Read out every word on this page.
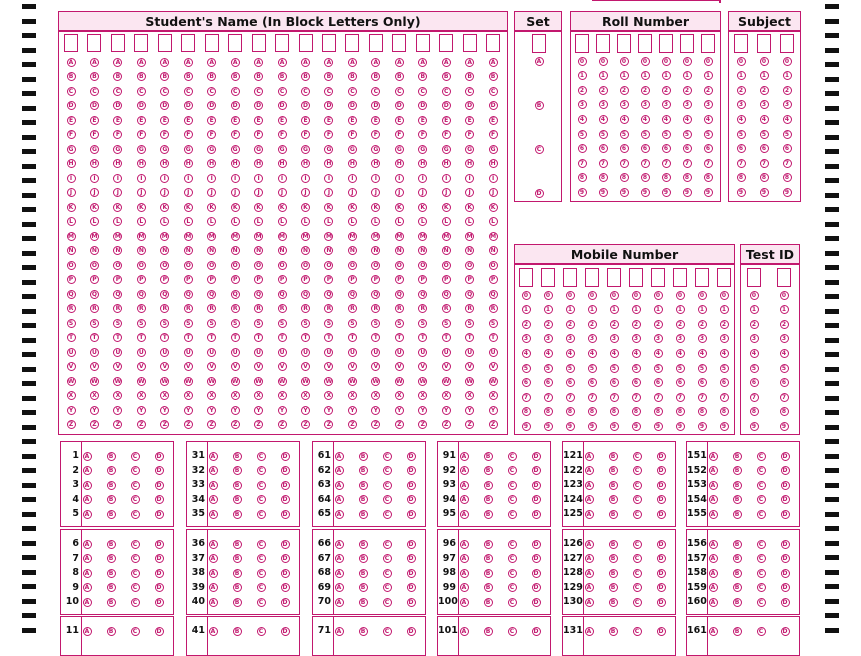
Student's Name (In Block Letters Only)
A	A	A	A	A	A	A	A	A	A	A	A	A	A	A	A	A	A	A
B	B	B	B	B	B	B	B	B	B	B	B	B	B	B	B	B	B	B
C	C	C	C	C	C	C	C	C	C	C	C	C	C	C	C	C	C	C
D	D	D	D	D	D	D	D	D	D	D	D	D	D	D	D	D	D	D
E	E	E	E	E	E	E	E	E	E	E	E	E	E	E	E	E	E	E
F	F	F	F	F	F	F	F	F	F	F	F	F	F	F	F	F	F	F
G	G	G	G	G	G	G	G	G	G	G	G	G	G	G	G	G	G	G
H	H	H	H	H	H	H	H	H	H	H	H	H	H	H	H	H	H	H
I	I	I	I	I	I	I	I	I	I	I	I	I	I	I	I	I	I	I
J	J	J	J	J	J	J	J	J	J	J	J	J	J	J	J	J	J	J
K	K	K	K	K	K	K	K	K	K	K	K	K	K	K	K	K	K	K
L	L	L	L	L	L	L	L	L	L	L	L	L	L	L	L	L	L	L
M	M	M	M	M	M	M	M	M	M	M	M	M	M	M	M	M	M	M
N	N	N	N	N	N	N	N	N	N	N	N	N	N	N	N	N	N	N
O	O	O	O	O	O	O	O	O	O	O	O	O	O	O	O	O	O	O
P	P	P	P	P	P	P	P	P	P	P	P	P	P	P	P	P	P	P
Q	Q	Q	Q	Q	Q	Q	Q	Q	Q	Q	Q	Q	Q	Q	Q	Q	Q	Q
R	R	R	R	R	R	R	R	R	R	R	R	R	R	R	R	R	R	R
S	S	S	S	S	S	S	S	S	S	S	S	S	S	S	S	S	S	S
T	T	T	T	T	T	T	T	T	T	T	T	T	T	T	T	T	T	T
U	U	U	U	U	U	U	U	U	U	U	U	U	U	U	U	U	U	U
V	V	V	V	V	V	V	V	V	V	V	V	V	V	V	V	V	V	V
W	W	W	W	W	W	W	W	W	W	W	W	W	W	W	W	W	W	W
X	X	X	X	X	X	X	X	X	X	X	X	X	X	X	X	X	X	X
Y	Y	Y	Y	Y	Y	Y	Y	Y	Y	Y	Y	Y	Y	Y	Y	Y	Y	Y
Z	Z	Z	Z	Z	Z	Z	Z	Z	Z	Z	Z	Z	Z	Z	Z	Z	Z	Z
Set
A
B
C
D
Roll Number
0	0	0	0	0	0	0
1	1	1	1	1	1	1
2	2	2	2	2	2	2
3	3	3	3	3	3	3
4	4	4	4	4	4	4
5	5	5	5	5	5	5
6	6	6	6	6	6	6
7	7	7	7	7	7	7
8	8	8	8	8	8	8
9	9	9	9	9	9	9
Subject
0	0	0
1	1	1
2	2	2
3	3	3
4	4	4
5	5	5
6	6	6
7	7	7
8	8	8
9	9	9
Mobile Number
0	0	0	0	0	0	0	0	0	0
1	1	1	1	1	1	1	1	1	1
2	2	2	2	2	2	2	2	2	2
3	3	3	3	3	3	3	3	3	3
4	4	4	4	4	4	4	4	4	4
5	5	5	5	5	5	5	5	5	5
6	6	6	6	6	6	6	6	6	6
7	7	7	7	7	7	7	7	7	7
8	8	8	8	8	8	8	8	8	8
9	9	9	9	9	9	9	9	9	9
Test ID
0	0
1	1
2	2
3	3
4	4
5	5
6	6
7	7
8	8
9	9
1 A	B	C	D
2 A	B	C	D
3 A	B	C	D
4 A	B	C	D
5 A	B	C	D
6 A	B	C	D
7 A	B	C	D
8 A	B	C	D
9 A	B	C	D
10 A	B	C	D
11 A	B	C	D
31 A	B	C	D
32 A	B	C	D
33 A	B	C	D
34 A	B	C	D
35 A	B	C	D
36 A	B	C	D
37 A	B	C	D
38 A	B	C	D
39 A	B	C	D
40 A	B	C	D
41 A	B	C	D
61 A	B	C	D
62 A	B	C	D
63 A	B	C	D
64 A	B	C	D
65 A	B	C	D
66 A	B	C	D
67 A	B	C	D
68 A	B	C	D
69 A	B	C	D
70 A	B	C	D
71 A	B	C	D
91 A	B	C	D
92 A	B	C	D
93 A	B	C	D
94 A	B	C	D
95 A	B	C	D
96 A	B	C	D
97 A	B	C	D
98 A	B	C	D
99 A	B	C	D
100 A	B	C	D
101 A	B	C	D
121 A	B	C	D
122 A	B	C	D
123 A	B	C	D
124 A	B	C	D
125 A	B	C	D
126 A	B	C	D
127 A	B	C	D
128 A	B	C	D
129 A	B	C	D
130 A	B	C	D
131 A	B	C	D
151 A	B	C	D
152 A	B	C	D
153 A	B	C	D
154 A	B	C	D
155 A	B	C	D
156 A	B	C	D
157 A	B	C	D
158 A	B	C	D
159 A	B	C	D
160 A	B	C	D
161 A	B	C	D
